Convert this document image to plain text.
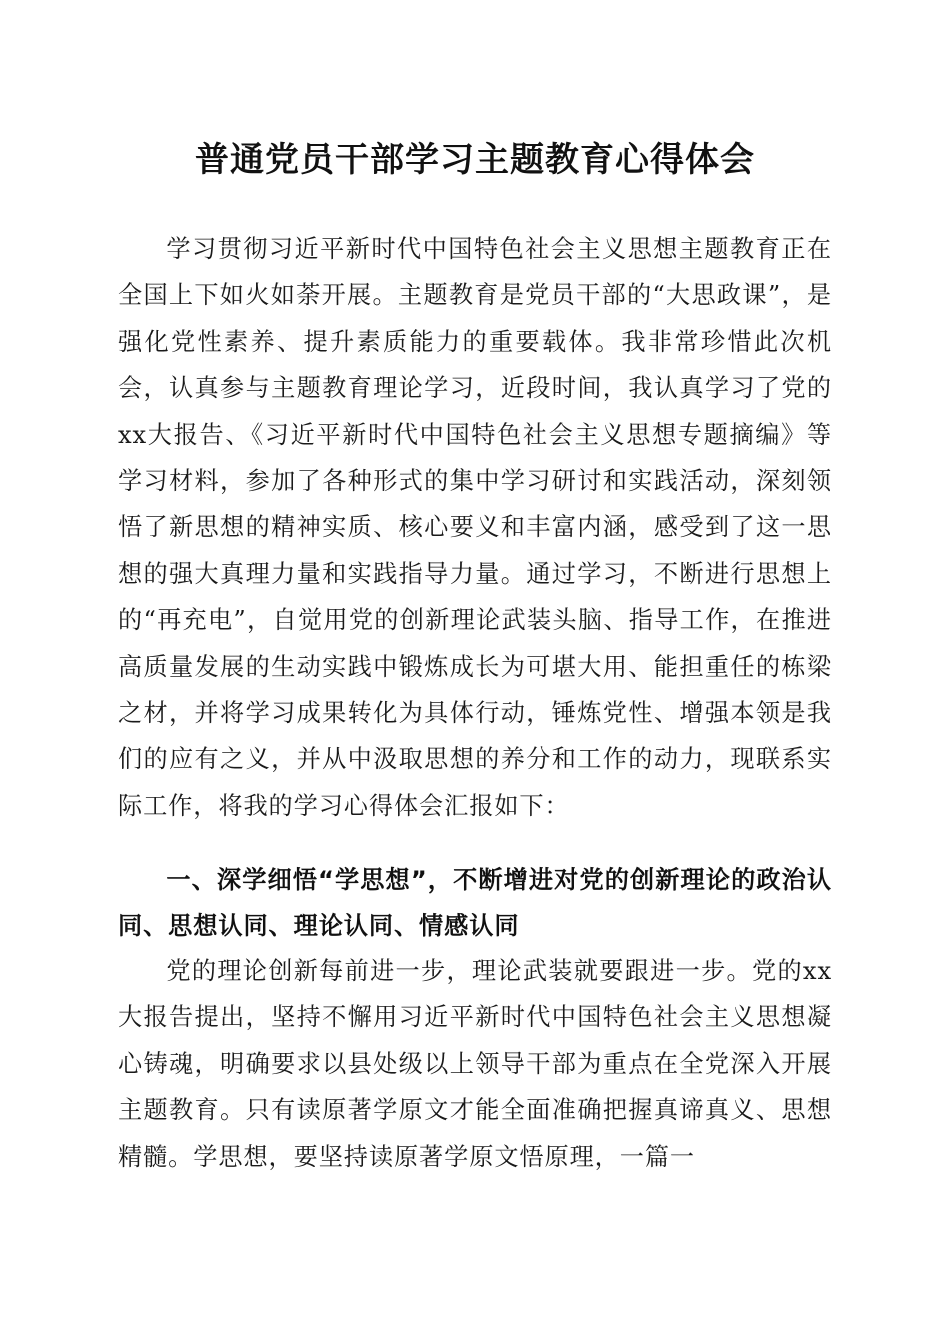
普通党员干部学习主题教育心得体会

学习贯彻习近平新时代中国特色社会主义思想主题教育正在全国上下如火如荼开展。主题教育是党员干部的“大思政课”，是强化党性素养、提升素质能力的重要载体。我非常珍惜此次机会，认真参与主题教育理论学习，近段时间，我认真学习了党的xx大报告、《习近平新时代中国特色社会主义思想专题摘编》等学习材料，参加了各种形式的集中学习研讨和实践活动，深刻领悟了新思想的精神实质、核心要义和丰富内涵，感受到了这一思想的强大真理力量和实践指导力量。通过学习，不断进行思想上的“再充电”，自觉用党的创新理论武装头脑、指导工作，在推进高质量发展的生动实践中锻炼成长为可堪大用、能担重任的栋梁之材，并将学习成果转化为具体行动，锤炼党性、增强本领是我们的应有之义，并从中汲取思想的养分和工作的动力，现联系实际工作，将我的学习心得体会汇报如下：

一、深学细悟“学思想”，不断增进对党的创新理论的政治认同、思想认同、理论认同、情感认同

党的理论创新每前进一步，理论武装就要跟进一步。党的xx大报告提出，坚持不懈用习近平新时代中国特色社会主义思想凝心铸魂，明确要求以县处级以上领导干部为重点在全党深入开展主题教育。只有读原著学原文才能全面准确把握真谛真义、思想精髓。学思想，要坚持读原著学原文悟原理，一篇一
